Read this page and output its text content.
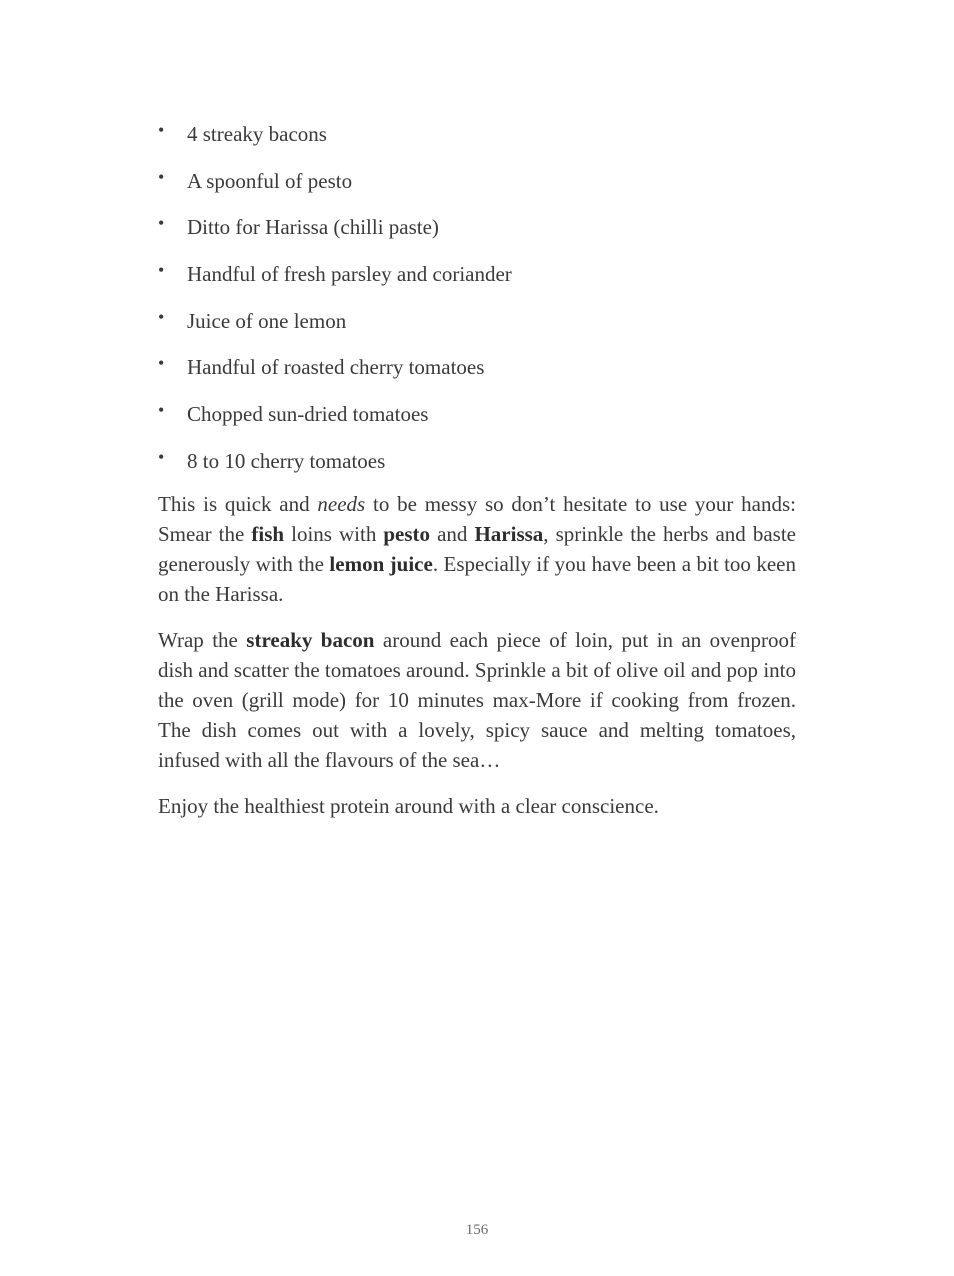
• 4 streaky bacons
• A spoonful of pesto
• Ditto for Harissa (chilli paste)
• Handful of fresh parsley and coriander
• Juice of one lemon
• Handful of roasted cherry tomatoes
• Chopped sun-dried tomatoes
• 8 to 10 cherry tomatoes

This is quick and needs to be messy so don’t hesitate to use your hands: Smear the fish loins with pesto and Harissa, sprinkle the herbs and baste generously with the lemon juice. Especially if you have been a bit too keen on the Harissa.

Wrap the streaky bacon around each piece of loin, put in an ovenproof dish and scatter the tomatoes around. Sprinkle a bit of olive oil and pop into the oven (grill mode) for 10 minutes max-More if cooking from frozen. The dish comes out with a lovely, spicy sauce and melting tomatoes, infused with all the flavours of the sea…

Enjoy the healthiest protein around with a clear conscience.

156
